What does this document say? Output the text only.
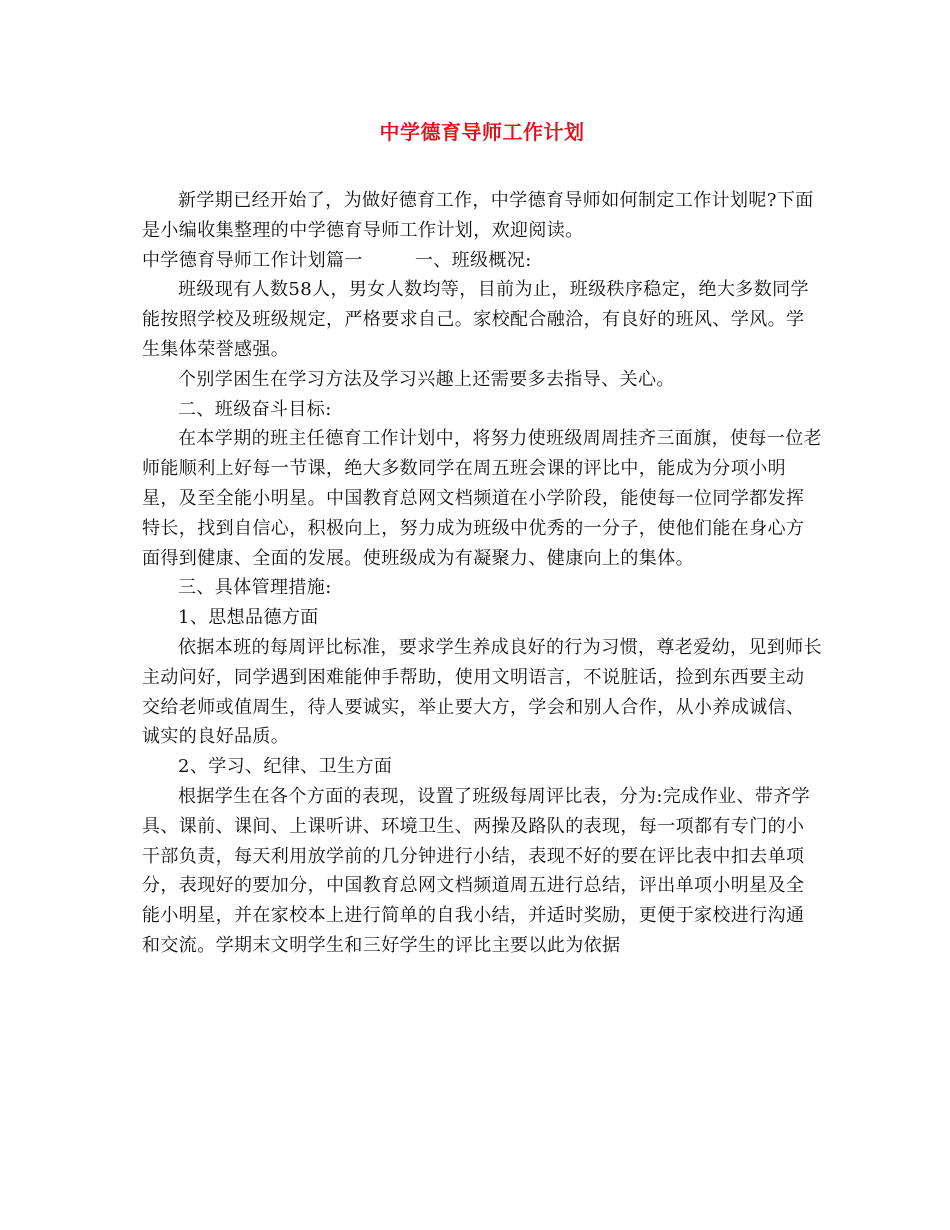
中学德育导师工作计划

新学期已经开始了，为做好德育工作，中学德育导师如何制定工作计划呢?下面是小编收集整理的中学德育导师工作计划，欢迎阅读。

中学德育导师工作计划篇一	一、班级概况:

班级现有人数58人，男女人数均等，目前为止，班级秩序稳定，绝大多数同学能按照学校及班级规定，严格要求自己。家校配合融洽，有良好的班风、学风。学生集体荣誉感强。

个别学困生在学习方法及学习兴趣上还需要多去指导、关心。

二、班级奋斗目标:

在本学期的班主任德育工作计划中，将努力使班级周周挂齐三面旗，使每一位老师能顺利上好每一节课，绝大多数同学在周五班会课的评比中，能成为分项小明星，及至全能小明星。中国教育总网文档频道在小学阶段，能使每一位同学都发挥特长，找到自信心，积极向上，努力成为班级中优秀的一分子，使他们能在身心方面得到健康、全面的发展。使班级成为有凝聚力、健康向上的集体。

三、具体管理措施:

1、思想品德方面

依据本班的每周评比标准，要求学生养成良好的行为习惯，尊老爱幼，见到师长主动问好，同学遇到困难能伸手帮助，使用文明语言，不说脏话，捡到东西要主动交给老师或值周生，待人要诚实，举止要大方，学会和别人合作，从小养成诚信、诚实的良好品质。

2、学习、纪律、卫生方面

根据学生在各个方面的表现，设置了班级每周评比表，分为:完成作业、带齐学具、课前、课间、上课听讲、环境卫生、两操及路队的表现，每一项都有专门的小干部负责，每天利用放学前的几分钟进行小结，表现不好的要在评比表中扣去单项分，表现好的要加分，中国教育总网文档频道周五进行总结，评出单项小明星及全能小明星，并在家校本上进行简单的自我小结，并适时奖励，更便于家校进行沟通和交流。学期末文明学生和三好学生的评比主要以此为依据
